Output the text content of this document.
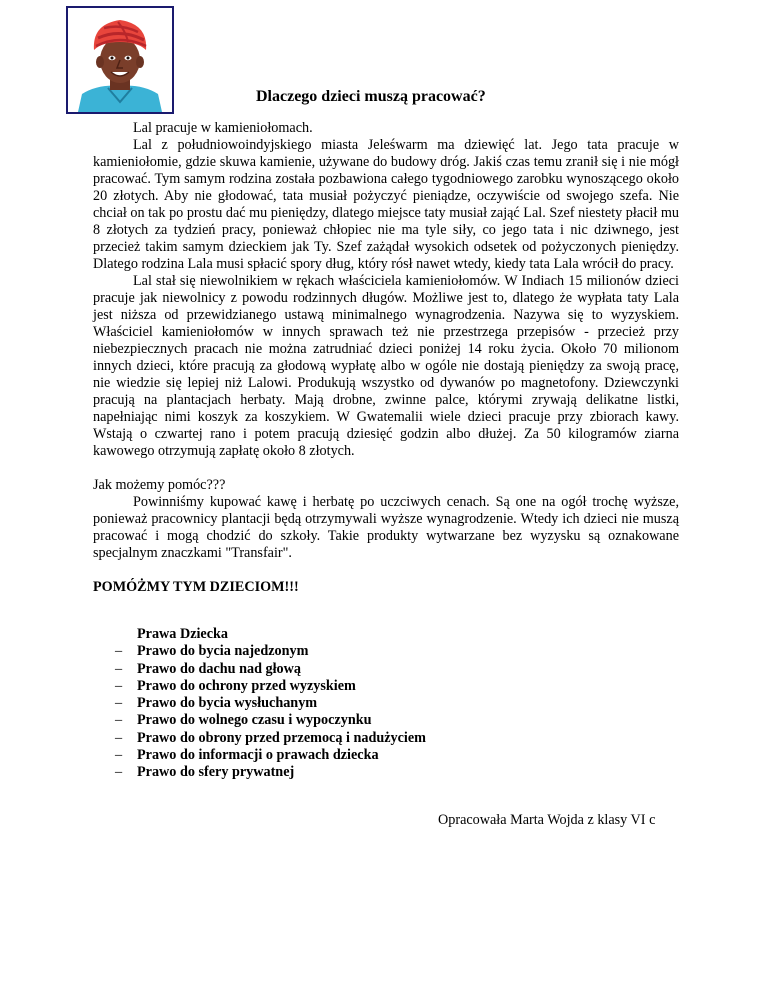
Dlaczego dzieci muszą pracować?

Lal pracuje w kamieniołomach.

Lal z południowoindyjskiego miasta Jeleśwarm ma dziewięć lat. Jego tata pracuje w kamieniołomie, gdzie skuwa kamienie, używane do budowy dróg. Jakiś czas temu zranił się i nie mógł pracować. Tym samym rodzina została pozbawiona całego tygodniowego zarobku wynoszącego około 20 złotych. Aby nie głodować, tata musiał pożyczyć pieniądze, oczywiście od swojego szefa. Nie chciał on tak po prostu dać mu pieniędzy, dlatego miejsce taty musiał zająć Lal. Szef niestety płacił mu 8 złotych za tydzień pracy, ponieważ chłopiec nie ma tyle siły, co jego tata i nic dziwnego, jest przecież takim samym dzieckiem jak Ty. Szef zażądał wysokich odsetek od pożyczonych pieniędzy. Dlatego rodzina Lala musi spłacić spory dług, który rósł nawet wtedy, kiedy tata Lala wrócił do pracy.

Lal stał się niewolnikiem w rękach właściciela kamieniołomów. W Indiach 15 milionów dzieci pracuje jak niewolnicy z powodu rodzinnych długów. Możliwe jest to, dlatego że wypłata taty Lala jest niższa od przewidzianego ustawą minimalnego wynagrodzenia. Nazywa się to wyzyskiem. Właściciel kamieniołomów w innych sprawach też nie przestrzega przepisów - przecież przy niebezpiecznych pracach nie można zatrudniać dzieci poniżej 14 roku życia. Około 70 milionom innych dzieci, które pracują za głodową wypłatę albo w ogóle nie dostają pieniędzy za swoją pracę, nie wiedzie się lepiej niż Lalowi. Produkują wszystko od dywanów po magnetofony. Dziewczynki pracują na plantacjach herbaty. Mają drobne, zwinne palce, którymi zrywają delikatne listki, napełniając nimi koszyk za koszykiem. W Gwatemalii wiele dzieci pracuje przy zbiorach kawy. Wstają o czwartej rano i potem pracują dziesięć godzin albo dłużej. Za 50 kilogramów ziarna kawowego otrzymują zapłatę około 8 złotych.

Jak możemy pomóc???

Powinniśmy kupować kawę i herbatę po uczciwych cenach. Są one na ogół trochę wyższe, ponieważ pracownicy plantacji będą otrzymywali wyższe wynagrodzenie. Wtedy ich dzieci nie muszą pracować i mogą chodzić do szkoły. Takie produkty wytwarzane bez wyzysku są oznakowane specjalnym znaczkami "Transfair".

POMÓŻMY TYM DZIECIOM!!!

Prawa Dziecka
– Prawo do bycia najedzonym
– Prawo do dachu nad głową
– Prawo do ochrony przed wyzyskiem
– Prawo do bycia wysłuchanym
– Prawo do wolnego czasu i wypoczynku
– Prawo do obrony przed przemocą i nadużyciem
– Prawo do informacji o prawach dziecka
– Prawo do sfery prywatnej
Opracowała Marta Wojda z klasy VI c
